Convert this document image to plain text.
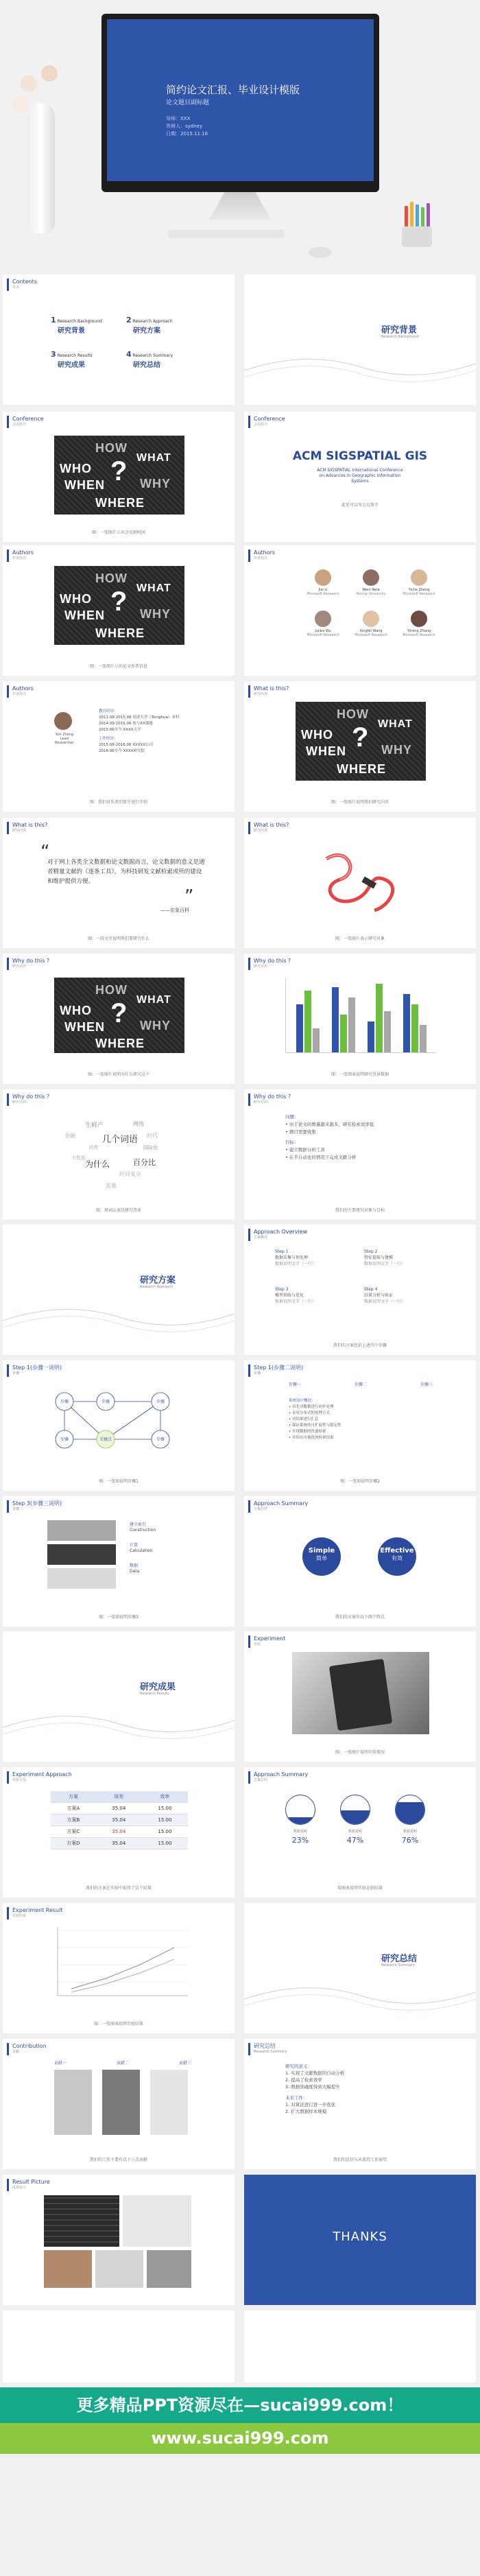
简约论文汇报、毕业设计模版
论文题目副标题
导师：XXX
答辩人：sydney
日期：2015.11.16
Contents
目录
1 Research Background
研究背景
2 Research Approach
研究方案
3 Research Results
研究成果
4 Research Summary
研究总结
研究背景
Research Background
Conference
会议简介
HOW
WHAT
WHO ? WHY
WHEN
WHERE
图：一张图片示出会议和时间
Conference
会议简介
ACM SIGSPATIAL GIS
ACM SIGSPATIAL International Conference
on Advances in Geographic Information
Systems
此处可以写会议简介
Authors
作者简介
HOW
WHAT
WHO ? WHY
WHEN
WHERE
图：一张图片示出论文作者信息
Authors
作者简介
Jiai Li
Microsoft Research
Wenr Reia
Peking University
Yiche Zheng
Microsoft Research
Junbo Wu
Microsoft Research
Xingfei Wang
Microsoft Research
Yiming Zhang
Microsoft Research
Authors
作者简介
Yuh Zheng
Lead Researcher
教育经历：
2011.08-2015.08 同济大学（Tsinghua）本科
2014.09-2015.06 参与XX课题
2015.06至今 XXXX大学
工作经历：
2015.08-2016.06 XXXXX公司
2016.06至今 XXXX研究院
图：我们对作者的简介进行介绍
What is this?
研究内容
HOW
WHAT
WHO ? WHY
WHEN
WHERE
图：一张图片说明我们研究内容
What is this?
研究内容
“
对于网上各类全文数据和论文数据而言，论文数据的意义是通者精量文献的（逐条工具），为科技研发文献检索或所的建设和维护提供方便。
”
——宏象百科
图：一段文字说明我们要研究什么
What is this?
研究内容
图：一张图片表示研究对象
Why do this ?
研究目的
HOW
WHAT
WHO ? WHY
WHEN
WHERE
图：一张图片说明为什么研究这个
Why do this ?
研究目的
图：一张图表说明研究背景数据
Why do this ?
研究目的
生鲜产	网络
金融	时代
消费	国际化
几个词语
大数据
为什么	百分比
时间复杂
流量
图：用词云表达研究背景
Why do this ?
研究目的
问题：
• 由于论文的数量越来越多，研究检索效率低
• 题目需要收集
目标：
• 建立数据分析工具
• 在半自动化的情况下完成文献分析
我们的主要研究对象与目标
研究方案
Research Approach
Approach Overview
方案概述
Step 1
数据采集与预处理
数据说明文字（一行）
Step 2
特征提取与建模
数据说明文字（一行）
Step 3
模型训练与优化
数据说明文字（一行）
Step 4
结果分析与验证
数据说明文字（一行）
我们的方案包括上述四个步骤
Step 1(步骤一说明)
步骤一
步骤	步骤	步骤
步骤	关键点	步骤
图：一张图说明步骤1
Step 1(步骤二说明)
步骤二
步骤一	步骤二	步骤三
系统设计概况：
• 首先对数据进行初步处理
• 采用分布式的处理方式
• 对结果进行汇总
• 保证系统的可扩展性与稳定性
• 实现数据的快速检索
• 并给出可视化的检索结果
图：一张图说明步骤2
Step 3(步骤三说明)
步骤三
建立索引
Construction
计算
Calculation
数据
Data
图：一张图说明步骤3
Approach Summary
方案总结
Simple
简单
Effective
有效
我们的方案有以下两个特点
研究成果
Research Results
Experiment
实验
图：一张图片说明实验情况
Experiment Approach
实验方法
方案	误差	效率
方案A	35.04	15.00
方案B	35.04	15.00
方案C	35.04	15.00
方案D	35.04	15.00
我们的方案在实验中取得了以下结果
Approach Summary
方案总结
数据说明
23%
数据说明
47%
数据说明
76%
用图表说明实验比较结果
Experiment Result
实验结果
图：一张图表说明实验结果
研究总结
Research Summary
Contribution
贡献
贡献一	贡献二	贡献三
我们的工作主要有以下三点贡献
研究总结
Research Summary
研究的意义：
1. 实现了文献数据的自动分析
2. 提高了检索效率
3. 数据准确度得到大幅提升
未来工作：
1. 对算法进行进一步优化
2. 扩大数据样本规模
我们的总结与未来的工作展望
Result Picture
成果展示
THANKS
更多精品PPT资源尽在—sucai999.com！
www.sucai999.com
